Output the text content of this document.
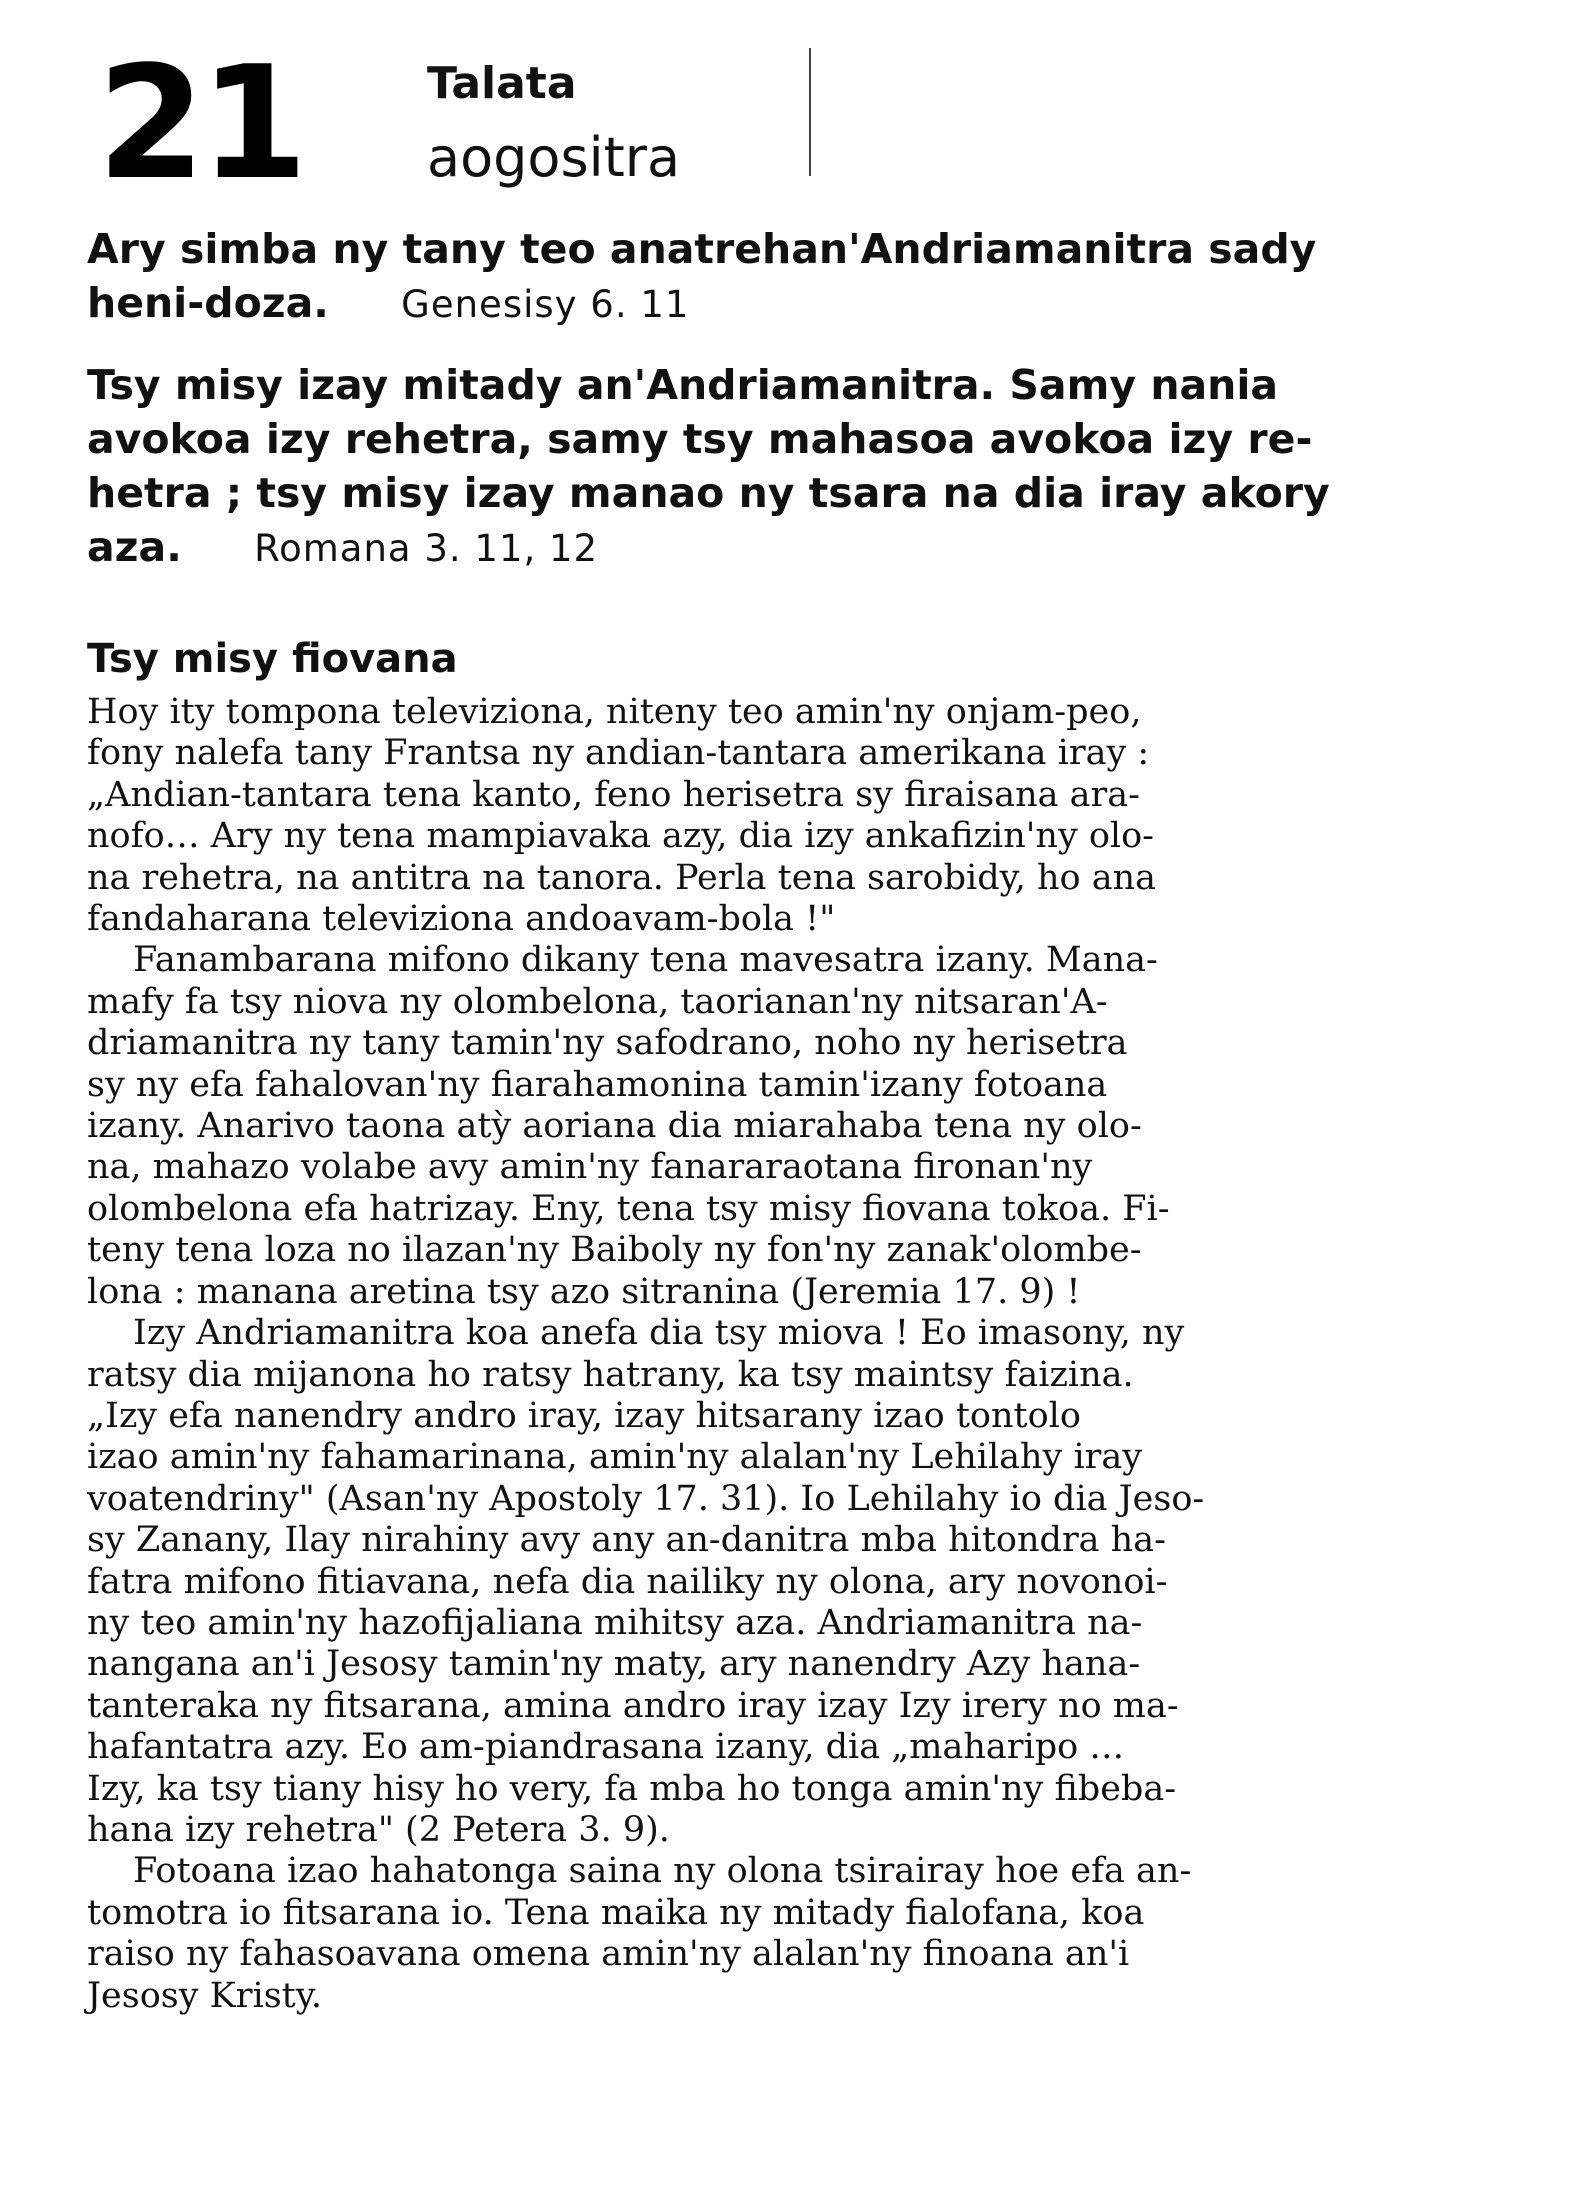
21	Talata
aogositra

Ary simba ny tany teo anatrehan'Andriamanitra sady
heni-doza. Genesisy 6. 11

Tsy misy izay mitady an'Andriamanitra. Samy nania
avokoa izy rehetra, samy tsy mahasoa avokoa izy re-
hetra ; tsy misy izay manao ny tsara na dia iray akory
aza. Romana 3. 11, 12

Tsy misy fiovana

Hoy ity tompona televiziona, niteny teo amin'ny onjam-peo,
fony nalefa tany Frantsa ny andian-tantara amerikana iray :
„Andian-tantara tena kanto, feno herisetra sy firaisana ara-
nofo… Ary ny tena mampiavaka azy, dia izy ankafizin'ny olo-
na rehetra, na antitra na tanora. Perla tena sarobidy, ho ana
fandaharana televiziona andoavam-bola !"

Fanambarana mifono dikany tena mavesatra izany. Mana-
mafy fa tsy niova ny olombelona, taorianan'ny nitsaran'A-
driamanitra ny tany tamin'ny safodrano, noho ny herisetra
sy ny efa fahalovan'ny fiarahamonina tamin'izany fotoana
izany. Anarivo taona atỳ aoriana dia miarahaba tena ny olo-
na, mahazo volabe avy amin'ny fanararaotana fironan'ny
olombelona efa hatrizay. Eny, tena tsy misy fiovana tokoa. Fi-
teny tena loza no ilazan'ny Baiboly ny fon'ny zanak'olombe-
lona : manana aretina tsy azo sitranina (Jeremia 17. 9) !

Izy Andriamanitra koa anefa dia tsy miova ! Eo imasony, ny
ratsy dia mijanona ho ratsy hatrany, ka tsy maintsy faizina.
„Izy efa nanendry andro iray, izay hitsarany izao tontolo
izao amin'ny fahamarinana, amin'ny alalan'ny Lehilahy iray
voatendriny" (Asan'ny Apostoly 17. 31). Io Lehilahy io dia Jeso-
sy Zanany, Ilay nirahiny avy any an-danitra mba hitondra ha-
fatra mifono fitiavana, nefa dia nailiky ny olona, ary novonoi-
ny teo amin'ny hazofijaliana mihitsy aza. Andriamanitra na-
nangana an'i Jesosy tamin'ny maty, ary nanendry Azy hana-
tanteraka ny fitsarana, amina andro iray izay Izy irery no ma-
hafantatra azy. Eo am-piandrasana izany, dia „maharipo …
Izy, ka tsy tiany hisy ho very, fa mba ho tonga amin'ny fibeba-
hana izy rehetra" (2 Petera 3. 9).

Fotoana izao hahatonga saina ny olona tsirairay hoe efa an-
tomotra io fitsarana io. Tena maika ny mitady fialofana, koa
raiso ny fahasoavana omena amin'ny alalan'ny finoana an'i
Jesosy Kristy.
